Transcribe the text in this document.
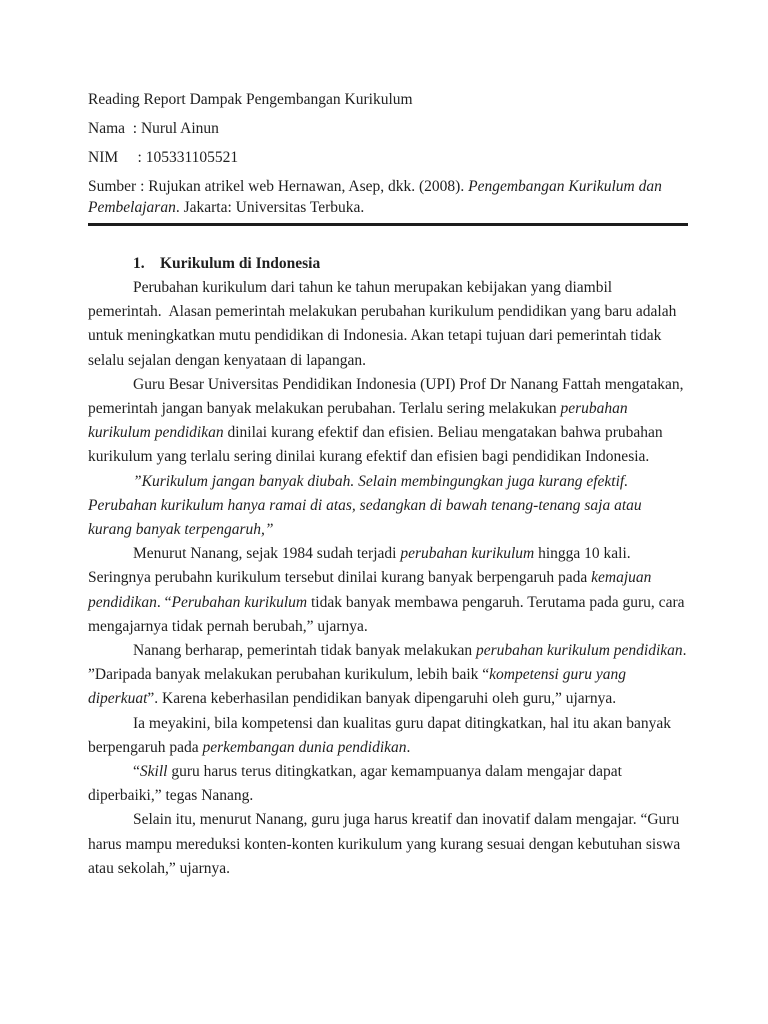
Reading Report Dampak Pengembangan Kurikulum

Nama  : Nurul Ainun

NIM     : 105331105521

Sumber : Rujukan atrikel web Hernawan, Asep, dkk. (2008). Pengembangan Kurikulum dan Pembelajaran. Jakarta: Universitas Terbuka.

1. Kurikulum di Indonesia

Perubahan kurikulum dari tahun ke tahun merupakan kebijakan yang diambil pemerintah.  Alasan pemerintah melakukan perubahan kurikulum pendidikan yang baru adalah untuk meningkatkan mutu pendidikan di Indonesia. Akan tetapi tujuan dari pemerintah tidak selalu sejalan dengan kenyataan di lapangan.

Guru Besar Universitas Pendidikan Indonesia (UPI) Prof Dr Nanang Fattah mengatakan, pemerintah jangan banyak melakukan perubahan. Terlalu sering melakukan perubahan kurikulum pendidikan dinilai kurang efektif dan efisien. Beliau mengatakan bahwa prubahan kurikulum yang terlalu sering dinilai kurang efektif dan efisien bagi pendidikan Indonesia.

”Kurikulum jangan banyak diubah. Selain membingungkan juga kurang efektif. Perubahan kurikulum hanya ramai di atas, sedangkan di bawah tenang-tenang saja atau kurang banyak terpengaruh,”

Menurut Nanang, sejak 1984 sudah terjadi perubahan kurikulum hingga 10 kali. Seringnya perubahn kurikulum tersebut dinilai kurang banyak berpengaruh pada kemajuan pendidikan. “Perubahan kurikulum tidak banyak membawa pengaruh. Terutama pada guru, cara mengajarnya tidak pernah berubah,” ujarnya.

Nanang berharap, pemerintah tidak banyak melakukan perubahan kurikulum pendidikan. ”Daripada banyak melakukan perubahan kurikulum, lebih baik “kompetensi guru yang diperkuat”. Karena keberhasilan pendidikan banyak dipengaruhi oleh guru,” ujarnya.

Ia meyakini, bila kompetensi dan kualitas guru dapat ditingkatkan, hal itu akan banyak berpengaruh pada perkembangan dunia pendidikan.

“Skill guru harus terus ditingkatkan, agar kemampuanya dalam mengajar dapat diperbaiki,” tegas Nanang.

Selain itu, menurut Nanang, guru juga harus kreatif dan inovatif dalam mengajar. “Guru harus mampu mereduksi konten-konten kurikulum yang kurang sesuai dengan kebutuhan siswa atau sekolah,” ujarnya.
